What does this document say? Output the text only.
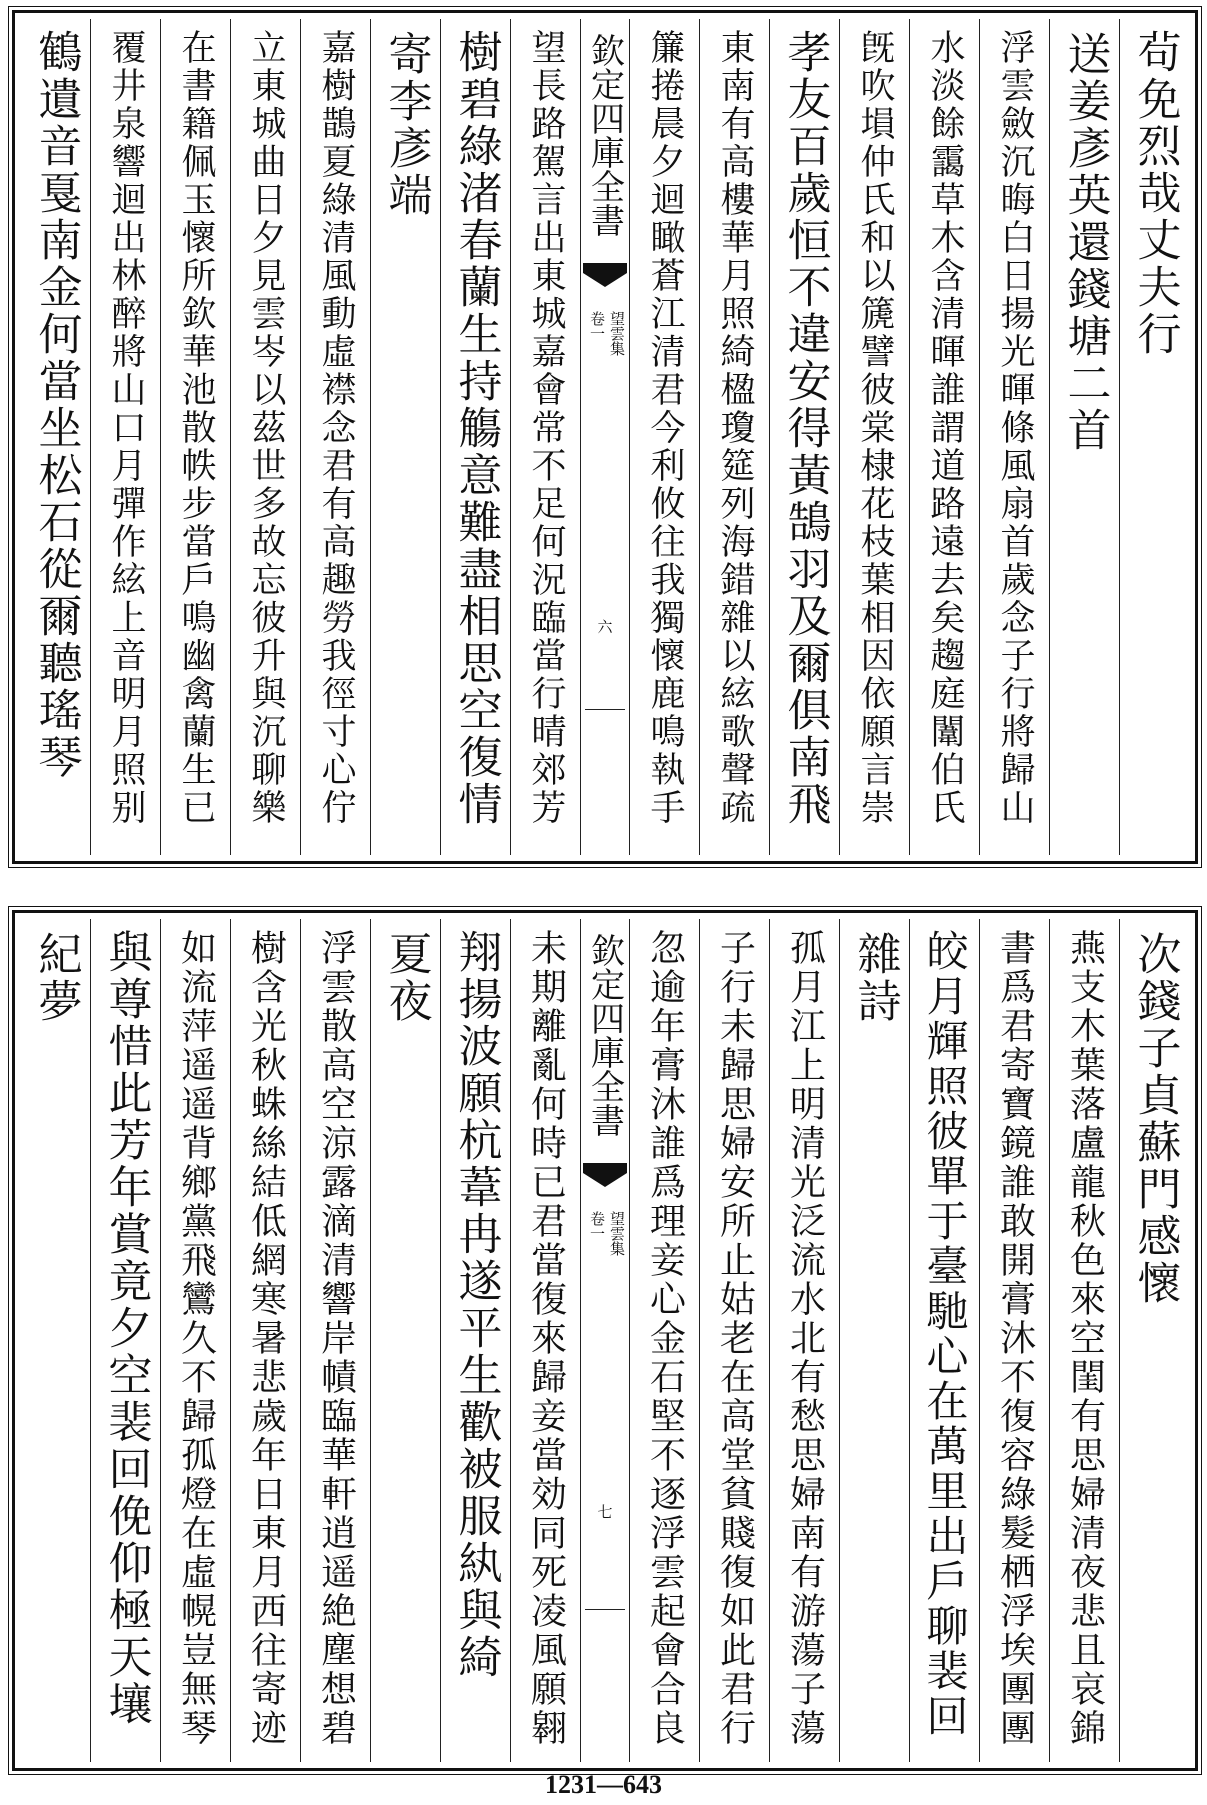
茍免烈哉丈夫行
送姜彥英還錢塘二首
浮雲斂沉晦白日揚光暉條風扇首歲念子行將歸山
水淡餘靄草木含清暉誰謂道路遠去矣趨庭闈伯氏
旣吹塤仲氏和以篪譬彼棠棣花枝葉相因依願言崇
孝友百歲恒不違安得黃鵠羽及爾俱南飛
東南有高樓華月照綺楹瓊筵列海錯雜以絃歌聲疏
簾捲晨夕迴瞰蒼江清君今利攸往我獨懷鹿鳴執手
欽定四庫全書
望雲集
卷一
六
望長路駕言出東城嘉會常不足何況臨當行晴郊芳
樹碧綠渚春蘭生持觴意難盡相思空復情
寄李彥端
嘉樹鵲夏綠清風動虛襟念君有高趣勞我徑寸心佇
立東城曲日夕見雲岑以茲世多故忘彼升與沉聊樂
在書籍佩玉懷所欽華池散帙步當戶鳴幽禽蘭生已
覆井泉響迴出林醉將山口月彈作絃上音明月照别
鶴遺音戛南金何當坐松石從爾聽瑤琴
次錢子貞蘇門感懷
燕支木葉落盧龍秋色來空閨有思婦清夜悲且哀錦
書爲君寄寶鏡誰敢開膏沐不復容綠髮栖浮埃團團
皎月輝照彼單于臺馳心在萬里出戶聊裴回
雜詩
孤月江上明清光泛流水北有愁思婦南有游蕩子蕩
子行未歸思婦安所止姑老在高堂貧賤復如此君行
忽逾年膏沐誰爲理妾心金石堅不逐浮雲起會合良
欽定四庫全書
望雲集
卷一
七
未期離亂何時已君當復來歸妾當効同死凌風願翱
翔揚波願杭葦冉遂平生歡被服紈與綺
夏夜
浮雲散高空涼露滴清響岸幘臨華軒逍遥絶塵想碧
樹含光秋蛛絲結低網寒暑悲歲年日東月西往寄迹
如流萍遥遥背鄉黨飛鸞久不歸孤燈在虛幌豈無琴
與尊惜此芳年賞竟夕空裴回俛仰極天壤
紀夢
1231—643
